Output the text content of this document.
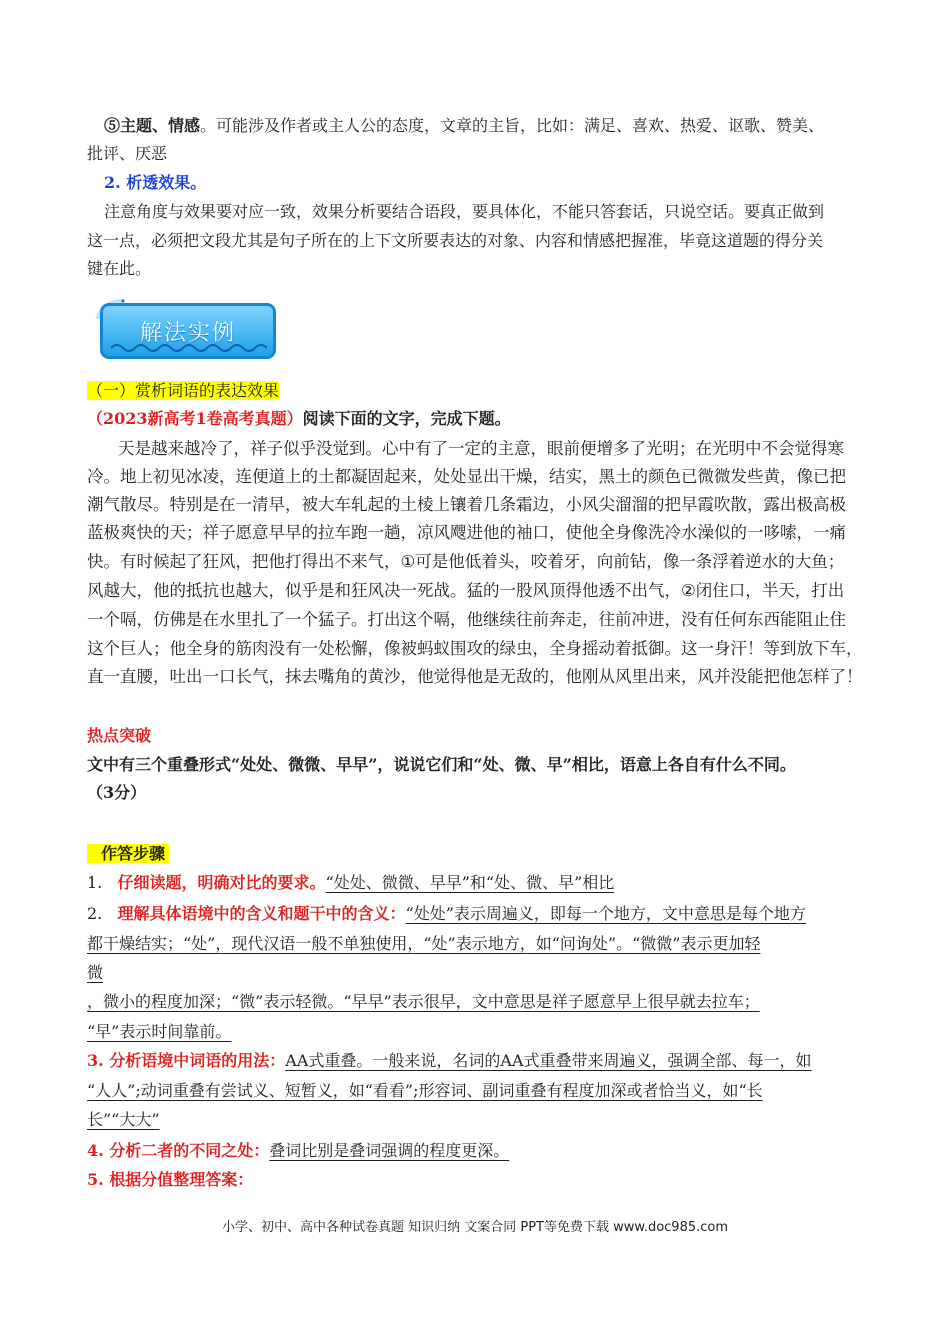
⑤主题、情感。可能涉及作者或主人公的态度，文章的主旨，比如：满足、喜欢、热爱、讴歌、赞美、
批评、厌恶
2. 析透效果。
注意角度与效果要对应一致，效果分析要结合语段，要具体化，不能只答套话，只说空话。要真正做到
这一点，必须把文段尤其是句子所在的上下文所要表达的对象、内容和情感把握准，毕竟这道题的得分关
键在此。
解法实例
（一）赏析词语的表达效果
（2023新高考1卷高考真题）阅读下面的文字，完成下题。
天是越来越冷了，祥子似乎没觉到。心中有了一定的主意，眼前便增多了光明；在光明中不会觉得寒
冷。地上初见冰凌，连便道上的土都凝固起来，处处显出干燥，结实，黑土的颜色已微微发些黄，像已把
潮气散尽。特别是在一清早，被大车轧起的土棱上镶着几条霜边，小风尖溜溜的把早霞吹散，露出极高极
蓝极爽快的天；祥子愿意早早的拉车跑一趟，凉风飕进他的袖口，使他全身像洗冷水澡似的一哆嗦，一痛
快。有时候起了狂风，把他打得出不来气，①可是他低着头，咬着牙，向前钻，像一条浮着逆水的大鱼；
风越大，他的抵抗也越大，似乎是和狂风决一死战。猛的一股风顶得他透不出气，②闭住口，半天，打出
一个嗝，仿佛是在水里扎了一个猛子。打出这个嗝，他继续往前奔走，往前冲进，没有任何东西能阻止住
这个巨人；他全身的筋肉没有一处松懈，像被蚂蚁围攻的绿虫，全身摇动着抵御。这一身汗！等到放下车，
直一直腰，吐出一口长气，抹去嘴角的黄沙，他觉得他是无敌的，他刚从风里出来，风并没能把他怎样了！
热点突破
文中有三个重叠形式“处处、微微、早早”，说说它们和“处、微、早”相比，语意上各自有什么不同。
（3分）
作答步骤
1. 仔细读题，明确对比的要求。“处处、微微、早早”和“处、微、早”相比
2. 理解具体语境中的含义和题干中的含义：“处处”表示周遍义，即每一个地方，文中意思是每个地方
都干燥结实；“处”，现代汉语一般不单独使用，“处”表示地方，如“问询处”。“微微”表示更加轻
微
，微小的程度加深；“微”表示轻微。“早早”表示很早，文中意思是祥子愿意早上很早就去拉车；
“早”表示时间靠前。
3. 分析语境中词语的用法：AA式重叠。一般来说，名词的AA式重叠带来周遍义，强调全部、每一，如
“人人”;动词重叠有尝试义、短暂义，如“看看”;形容词、副词重叠有程度加深或者恰当义，如“长
长”“大大”
4. 分析二者的不同之处：叠词比别是叠词强调的程度更深。
5. 根据分值整理答案：
小学、初中、高中各种试卷真题 知识归纳 文案合同 PPT等免费下载 www.doc985.com
